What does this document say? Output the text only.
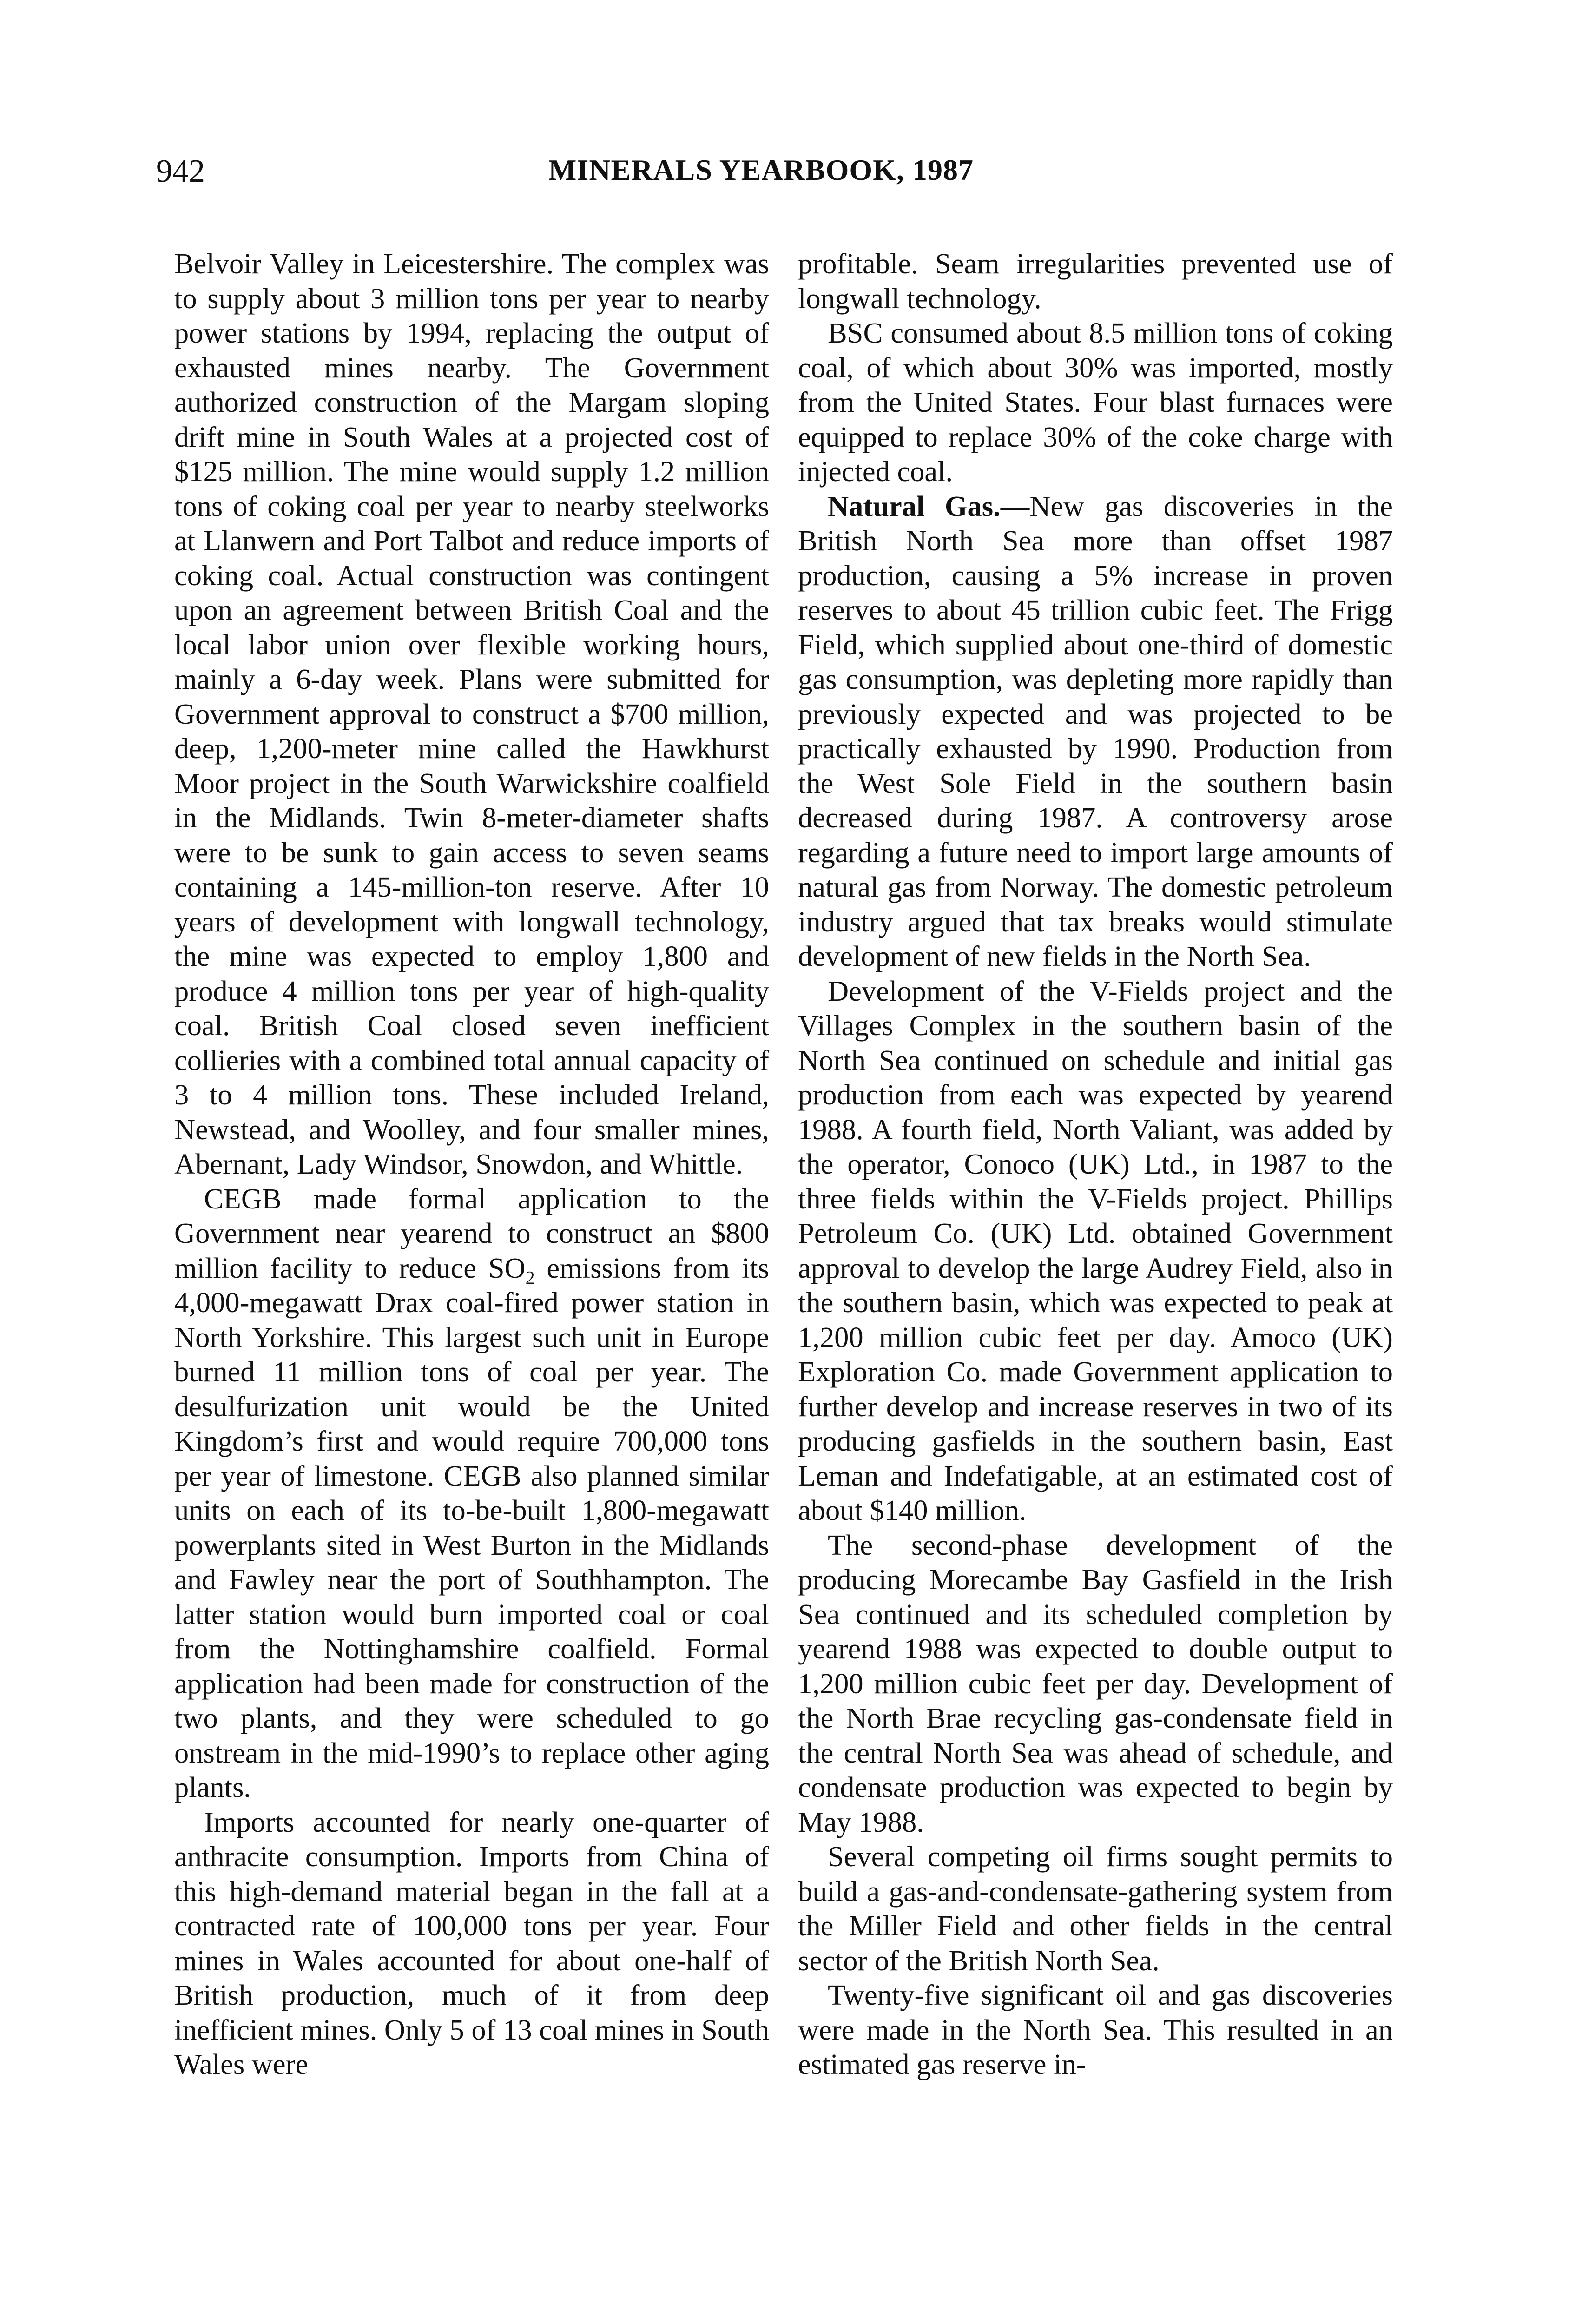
942	MINERALS YEARBOOK, 1987

Belvoir Valley in Leicestershire. The complex was to supply about 3 million tons per year to nearby power stations by 1994, replacing the output of exhausted mines nearby. The Government authorized construction of the Margam sloping drift mine in South Wales at a projected cost of $125 million. The mine would supply 1.2 million tons of coking coal per year to nearby steelworks at Llanwern and Port Talbot and reduce imports of coking coal. Actual construction was contingent upon an agreement between British Coal and the local labor union over flexible working hours, mainly a 6-day week. Plans were submitted for Government approval to construct a $700 million, deep, 1,200-meter mine called the Hawkhurst Moor project in the South Warwickshire coalfield in the Midlands. Twin 8-meter-diameter shafts were to be sunk to gain access to seven seams containing a 145-million-ton reserve. After 10 years of development with longwall technology, the mine was expected to employ 1,800 and produce 4 million tons per year of high-quality coal. British Coal closed seven inefficient collieries with a combined total annual capacity of 3 to 4 million tons. These included Ireland, Newstead, and Woolley, and four smaller mines, Abernant, Lady Windsor, Snowdon, and Whittle.

CEGB made formal application to the Government near yearend to construct an $800 million facility to reduce $SO_2$ emissions from its 4,000-megawatt Drax coal-fired power station in North Yorkshire. This largest such unit in Europe burned 11 million tons of coal per year. The desulfurization unit would be the United Kingdom’s first and would require 700,000 tons per year of limestone. CEGB also planned similar units on each of its to-be-built 1,800-megawatt powerplants sited in West Burton in the Midlands and Fawley near the port of Southhampton. The latter station would burn imported coal or coal from the Nottinghamshire coalfield. Formal application had been made for construction of the two plants, and they were scheduled to go onstream in the mid-1990’s to replace other aging plants.

Imports accounted for nearly one-quarter of anthracite consumption. Imports from China of this high-demand material began in the fall at a contracted rate of 100,000 tons per year. Four mines in Wales accounted for about one-half of British production, much of it from deep inefficient mines. Only 5 of 13 coal mines in South Wales were

profitable. Seam irregularities prevented use of longwall technology.

BSC consumed about 8.5 million tons of coking coal, of which about 30% was imported, mostly from the United States. Four blast furnaces were equipped to replace 30% of the coke charge with injected coal.

Natural Gas.—New gas discoveries in the British North Sea more than offset 1987 production, causing a 5% increase in proven reserves to about 45 trillion cubic feet. The Frigg Field, which supplied about one-third of domestic gas consumption, was depleting more rapidly than previously expected and was projected to be practically exhausted by 1990. Production from the West Sole Field in the southern basin decreased during 1987. A controversy arose regarding a future need to import large amounts of natural gas from Norway. The domestic petroleum industry argued that tax breaks would stimulate development of new fields in the North Sea.

Development of the V-Fields project and the Villages Complex in the southern basin of the North Sea continued on schedule and initial gas production from each was expected by yearend 1988. A fourth field, North Valiant, was added by the operator, Conoco (UK) Ltd., in 1987 to the three fields within the V-Fields project. Phillips Petroleum Co. (UK) Ltd. obtained Government approval to develop the large Audrey Field, also in the southern basin, which was expected to peak at 1,200 million cubic feet per day. Amoco (UK) Exploration Co. made Government application to further develop and increase reserves in two of its producing gasfields in the southern basin, East Leman and Indefatigable, at an estimated cost of about $140 million.

The second-phase development of the producing Morecambe Bay Gasfield in the Irish Sea continued and its scheduled completion by yearend 1988 was expected to double output to 1,200 million cubic feet per day. Development of the North Brae recycling gas-condensate field in the central North Sea was ahead of schedule, and condensate production was expected to begin by May 1988.

Several competing oil firms sought permits to build a gas-and-condensate-gathering system from the Miller Field and other fields in the central sector of the British North Sea.

Twenty-five significant oil and gas discoveries were made in the North Sea. This resulted in an estimated gas reserve in-
